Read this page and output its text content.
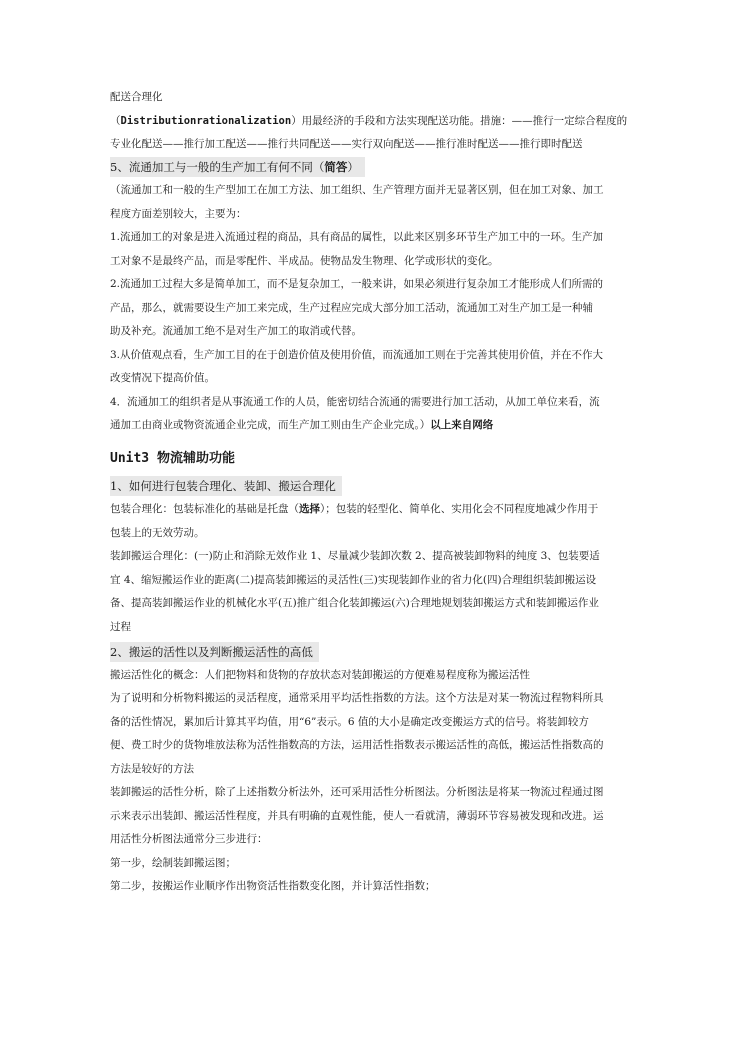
配送合理化

（Distributionrationalization）用最经济的手段和方法实现配送功能。措施：——推行一定综合程度的

专业化配送——推行加工配送——推行共同配送——实行双向配送——推行准时配送——推行即时配送

5、流通加工与一般的生产加工有何不同（简答）

（流通加工和一般的生产型加工在加工方法、加工组织、生产管理方面并无显著区别，但在加工对象、加工

程度方面差别较大，主要为：

1.流通加工的对象是进入流通过程的商品，具有商品的属性，以此来区别多环节生产加工中的一环。生产加

工对象不是最终产品，而是零配件、半成品。使物品发生物理、化学或形状的变化。

2.流通加工过程大多是简单加工，而不是复杂加工，一般来讲，如果必须进行复杂加工才能形成人们所需的

产品，那么，就需要设生产加工来完成，生产过程应完成大部分加工活动，流通加工对生产加工是一种辅

助及补充。流通加工绝不是对生产加工的取消或代替。

3.从价值观点看，生产加工目的在于创造价值及使用价值，而流通加工则在于完善其使用价值，并在不作大

改变情况下提高价值。

4．流通加工的组织者是从事流通工作的人员，能密切结合流通的需要进行加工活动，从加工单位来看，流

通加工由商业或物资流通企业完成，而生产加工则由生产企业完成。）以上来自网络

Unit3 物流辅助功能

1、如何进行包装合理化、装卸、搬运合理化

包装合理化：包装标准化的基础是托盘（选择）；包装的轻型化、简单化、实用化会不同程度地减少作用于

包装上的无效劳动。

装卸搬运合理化：(一)防止和消除无效作业 1、尽量减少装卸次数 2、提高被装卸物料的纯度 3、包装要适

宜 4、缩短搬运作业的距离(二)提高装卸搬运的灵活性(三)实现装卸作业的省力化(四)合理组织装卸搬运设

备、提高装卸搬运作业的机械化水平(五)推广组合化装卸搬运(六)合理地规划装卸搬运方式和装卸搬运作业

过程

2、搬运的活性以及判断搬运活性的高低

搬运活性化的概念：人们把物料和货物的存放状态对装卸搬运的方便难易程度称为搬运活性

为了说明和分析物料搬运的灵活程度，通常采用平均活性指数的方法。这个方法是对某一物流过程物料所具

备的活性情况，累加后计算其平均值，用“6”表示。6 值的大小是确定改变搬运方式的信号。将装卸较方

便、费工时少的货物堆放法称为活性指数高的方法，运用活性指数表示搬运活性的高低，搬运活性指数高的

方法是较好的方法

装卸搬运的活性分析，除了上述指数分析法外，还可采用活性分析图法。分析图法是将某一物流过程通过图

示来表示出装卸、搬运活性程度，并具有明确的直观性能，使人一看就清，薄弱环节容易被发现和改进。运

用活性分析图法通常分三步进行：

第一步，绘制装卸搬运图；

第二步，按搬运作业顺序作出物资活性指数变化图，并计算活性指数；
